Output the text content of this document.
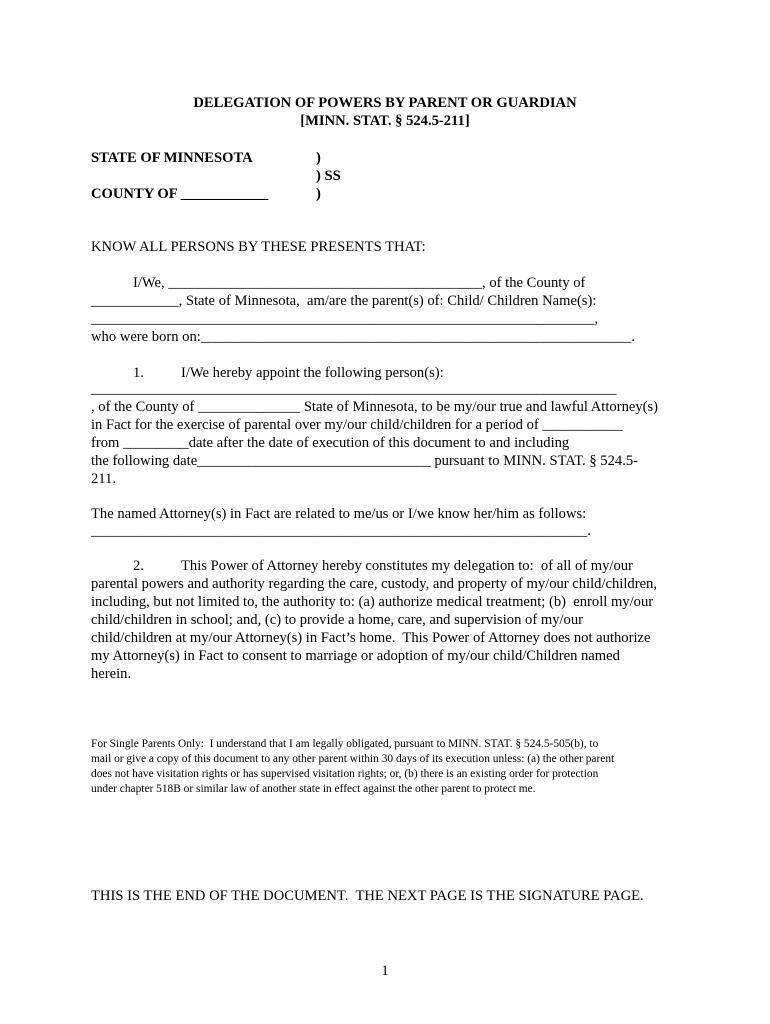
DELEGATION OF POWERS BY PARENT OR GUARDIAN
[MINN. STAT. § 524.5-211]
STATE OF MINNESOTA	)
) SS
COUNTY OF ____________	)
KNOW ALL PERSONS BY THESE PRESENTS THAT:
I/We, ___________________________________________, of the County of
____________, State of Minnesota,  am/are the parent(s) of: Child/ Children Name(s):
_____________________________________________________________________,
who were born on:___________________________________________________________.
1.	I/We hereby appoint the following person(s):
________________________________________________________________________
, of the County of ______________ State of Minnesota, to be my/our true and lawful Attorney(s)
in Fact for the exercise of parental over my/our child/children for a period of ___________
from _________date after the date of execution of this document to and including
the following date________________________________ pursuant to MINN. STAT. § 524.5-
211.
The named Attorney(s) in Fact are related to me/us or I/we know her/him as follows:
____________________________________________________________________.
2.	This Power of Attorney hereby constitutes my delegation to:  of all of my/our
parental powers and authority regarding the care, custody, and property of my/our child/children,
including, but not limited to, the authority to: (a) authorize medical treatment; (b)  enroll my/our
child/children in school; and, (c) to provide a home, care, and supervision of my/our
child/children at my/our Attorney(s) in Fact’s home.  This Power of Attorney does not authorize
my Attorney(s) in Fact to consent to marriage or adoption of my/our child/Children named
herein.
For Single Parents Only:  I understand that I am legally obligated, pursuant to MINN. STAT. § 524.5-505(b), to
mail or give a copy of this document to any other parent within 30 days of its execution unless: (a) the other parent
does not have visitation rights or has supervised visitation rights; or, (b) there is an existing order for protection
under chapter 518B or similar law of another state in effect against the other parent to protect me.
THIS IS THE END OF THE DOCUMENT.  THE NEXT PAGE IS THE SIGNATURE PAGE.
1
